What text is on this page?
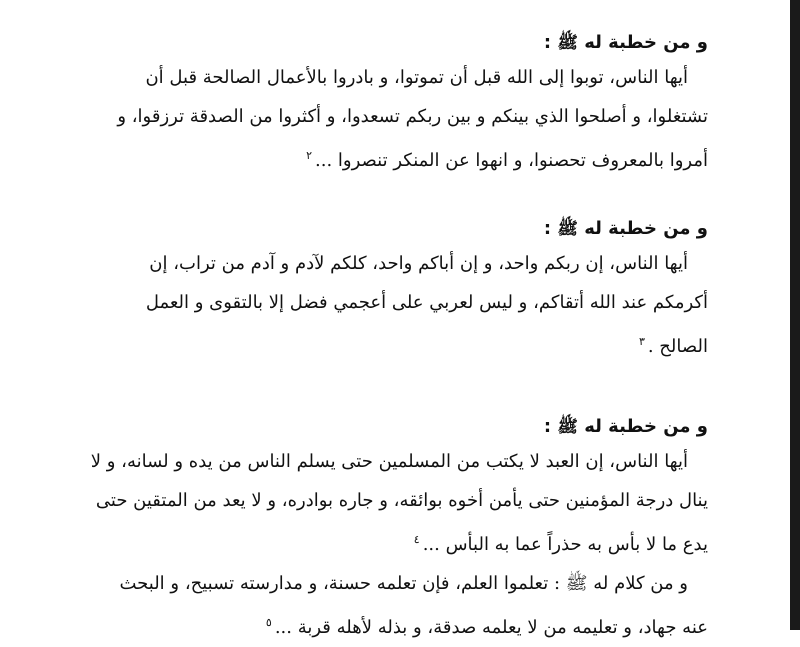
و من خطبة له ﷺ :

أيها الناس، توبوا إلى الله قبل أن تموتوا، و بادروا بالأعمال الصالحة قبل أن

تشتغلوا، و أصلحوا الذي بينكم و بين ربكم تسعدوا، و أكثروا من الصدقة ترزقوا، و

أمروا بالمعروف تحصنوا، و انهوا عن المنكر تنصروا ...$^٢$

و من خطبة له ﷺ :

أيها الناس، إن ربكم واحد، و إن أباكم واحد، كلكم لآدم و آدم من تراب، إن

أكرمكم عند الله أتقاكم، و ليس لعربي على أعجمي فضل إلا بالتقوى و العمل

الصالح .$^٣$

و من خطبة له ﷺ :

أيها الناس، إن العبد لا يكتب من المسلمين حتى يسلم الناس من يده و لسانه، و لا

ينال درجة المؤمنين حتى يأمن أخوه بوائقه، و جاره بوادره، و لا يعد من المتقين حتى

يدع ما لا بأس به حذراً عما به البأس ...$^٤$

و من كلام له ﷺ : تعلموا العلم، فإن تعلمه حسنة، و مدارسته تسبيح، و البحث

عنه جهاد، و تعليمه من لا يعلمه صدقة، و بذله لأهله قربة ...$^٥$
